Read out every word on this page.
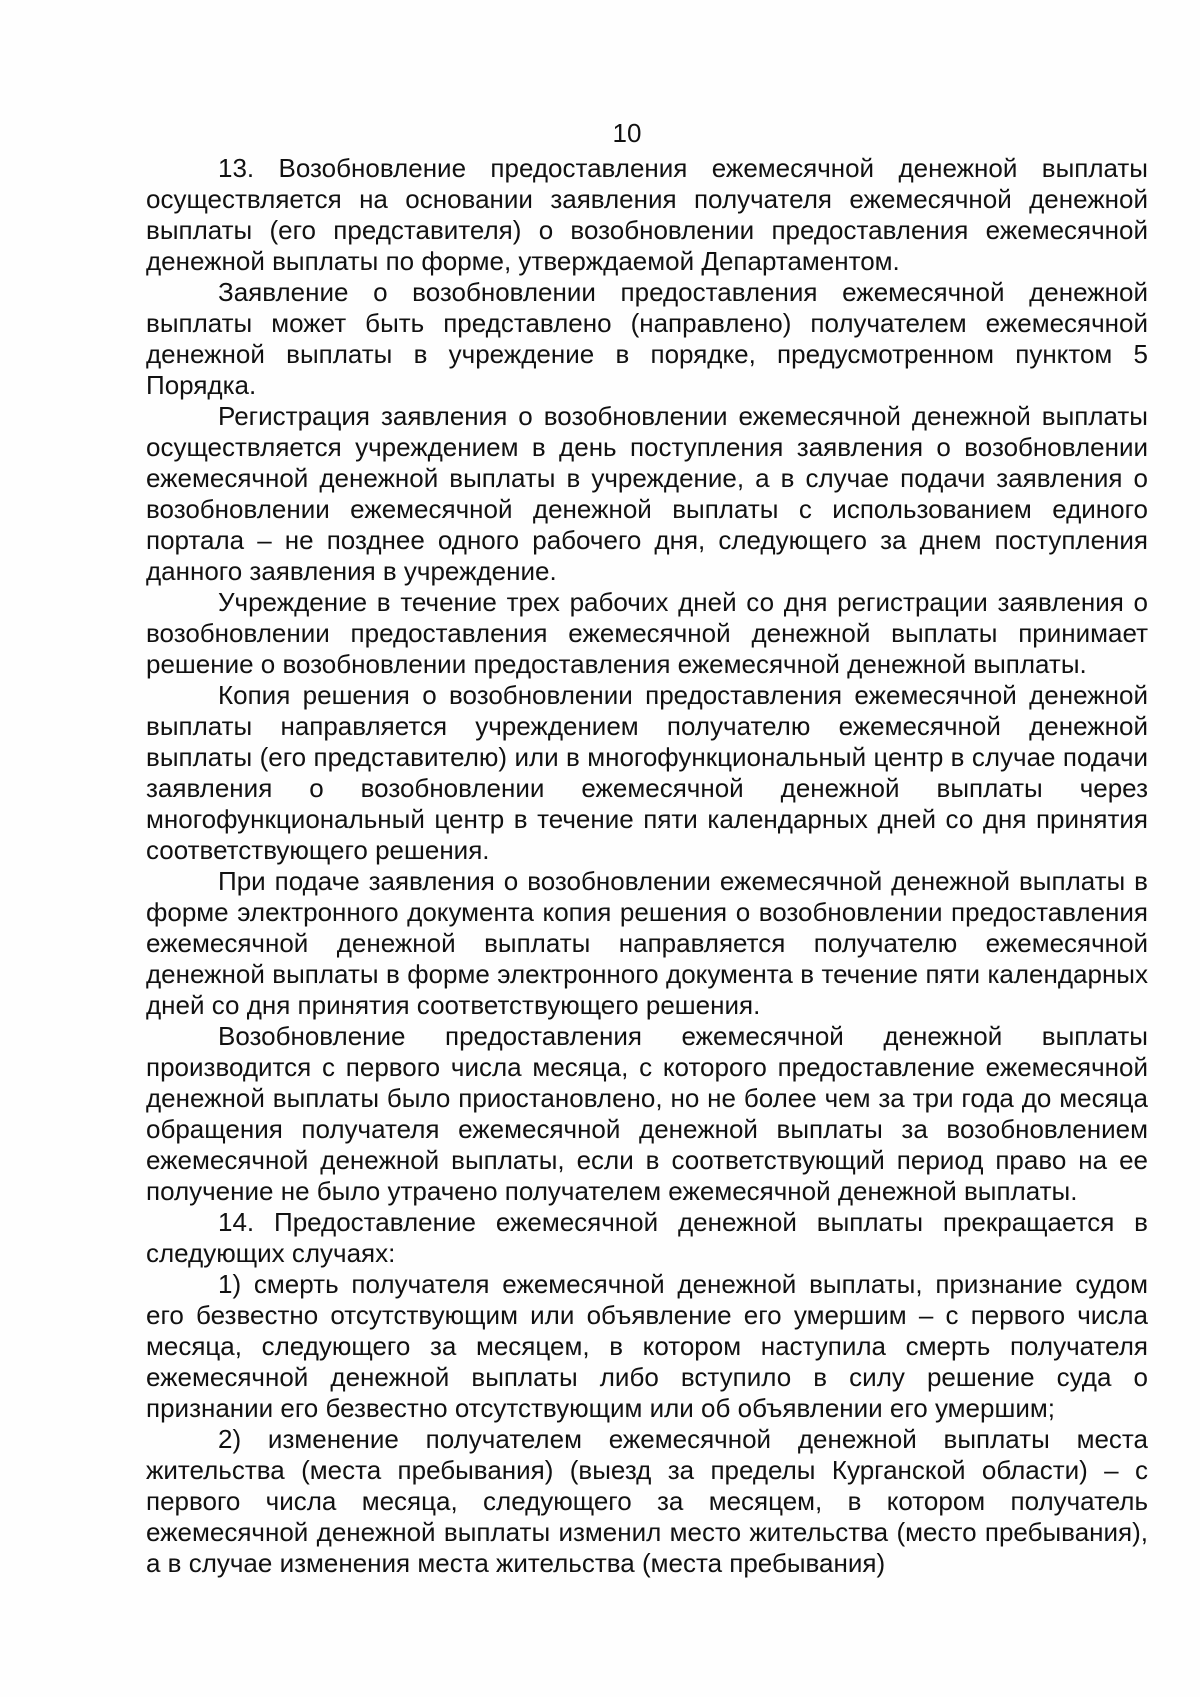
10

13. Возобновление предоставления ежемесячной денежной выплаты осуществляется на основании заявления получателя ежемесячной денежной выплаты (его представителя) о возобновлении предоставления ежемесячной денежной выплаты по форме, утверждаемой Департаментом.

Заявление о возобновлении предоставления ежемесячной денежной выплаты может быть представлено (направлено) получателем ежемесячной денежной выплаты в учреждение в порядке, предусмотренном пунктом 5 Порядка.

Регистрация заявления о возобновлении ежемесячной денежной выплаты осуществляется учреждением в день поступления заявления о возобновлении ежемесячной денежной выплаты в учреждение, а в случае подачи заявления о возобновлении ежемесячной денежной выплаты с использованием единого портала – не позднее одного рабочего дня, следующего за днем поступления данного заявления в учреждение.

Учреждение в течение трех рабочих дней со дня регистрации заявления о возобновлении предоставления ежемесячной денежной выплаты принимает решение о возобновлении предоставления ежемесячной денежной выплаты.

Копия решения о возобновлении предоставления ежемесячной денежной выплаты направляется учреждением получателю ежемесячной денежной выплаты (его представителю) или в многофункциональный центр в случае подачи заявления о возобновлении ежемесячной денежной выплаты через многофункциональный центр в течение пяти календарных дней со дня принятия соответствующего решения.

При подаче заявления о возобновлении ежемесячной денежной выплаты в форме электронного документа копия решения о возобновлении предоставления ежемесячной денежной выплаты направляется получателю ежемесячной денежной выплаты в форме электронного документа в течение пяти календарных дней со дня принятия соответствующего решения.

Возобновление предоставления ежемесячной денежной выплаты производится с первого числа месяца, с которого предоставление ежемесячной денежной выплаты было приостановлено, но не более чем за три года до месяца обращения получателя ежемесячной денежной выплаты за возобновлением ежемесячной денежной выплаты, если в соответствующий период право на ее получение не было утрачено получателем ежемесячной денежной выплаты.

14. Предоставление ежемесячной денежной выплаты прекращается в следующих случаях:

1) смерть получателя ежемесячной денежной выплаты, признание судом его безвестно отсутствующим или объявление его умершим – с первого числа месяца, следующего за месяцем, в котором наступила смерть получателя ежемесячной денежной выплаты либо вступило в силу решение суда о признании его безвестно отсутствующим или об объявлении его умершим;

2) изменение получателем ежемесячной денежной выплаты места жительства (места пребывания) (выезд за пределы Курганской области) – с первого числа месяца, следующего за месяцем, в котором получатель ежемесячной денежной выплаты изменил место жительства (место пребывания), а в случае изменения места жительства (места пребывания)
